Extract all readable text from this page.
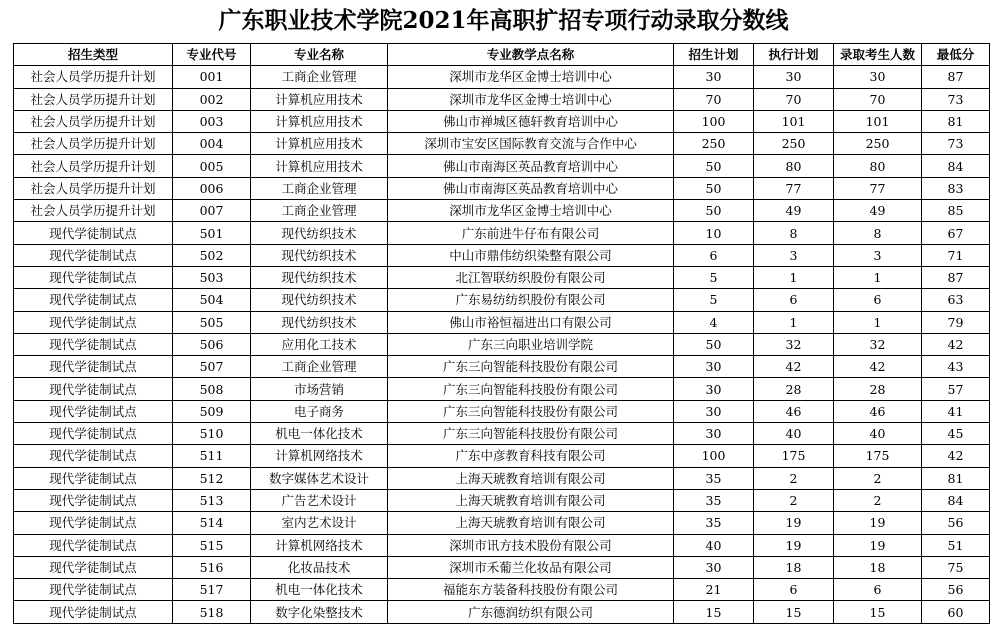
广东职业技术学院2021年高职扩招专项行动录取分数线
招生类型	专业代号	专业名称	专业教学点名称	招生计划	执行计划	录取考生人数	最低分
社会人员学历提升计划	001	工商企业管理	深圳市龙华区金博士培训中心	30	30	30	87
社会人员学历提升计划	002	计算机应用技术	深圳市龙华区金博士培训中心	70	70	70	73
社会人员学历提升计划	003	计算机应用技术	佛山市禅城区德轩教育培训中心	100	101	101	81
社会人员学历提升计划	004	计算机应用技术	深圳市宝安区国际教育交流与合作中心	250	250	250	73
社会人员学历提升计划	005	计算机应用技术	佛山市南海区英品教育培训中心	50	80	80	84
社会人员学历提升计划	006	工商企业管理	佛山市南海区英品教育培训中心	50	77	77	83
社会人员学历提升计划	007	工商企业管理	深圳市龙华区金博士培训中心	50	49	49	85
现代学徒制试点	501	现代纺织技术	广东前进牛仔布有限公司	10	8	8	67
现代学徒制试点	502	现代纺织技术	中山市鼎伟纺织染整有限公司	6	3	3	71
现代学徒制试点	503	现代纺织技术	北江智联纺织股份有限公司	5	1	1	87
现代学徒制试点	504	现代纺织技术	广东易纺纺织股份有限公司	5	6	6	63
现代学徒制试点	505	现代纺织技术	佛山市裕恒福进出口有限公司	4	1	1	79
现代学徒制试点	506	应用化工技术	广东三向职业培训学院	50	32	32	42
现代学徒制试点	507	工商企业管理	广东三向智能科技股份有限公司	30	42	42	43
现代学徒制试点	508	市场营销	广东三向智能科技股份有限公司	30	28	28	57
现代学徒制试点	509	电子商务	广东三向智能科技股份有限公司	30	46	46	41
现代学徒制试点	510	机电一体化技术	广东三向智能科技股份有限公司	30	40	40	45
现代学徒制试点	511	计算机网络技术	广东中彦教育科技有限公司	100	175	175	42
现代学徒制试点	512	数字媒体艺术设计	上海天琥教育培训有限公司	35	2	2	81
现代学徒制试点	513	广告艺术设计	上海天琥教育培训有限公司	35	2	2	84
现代学徒制试点	514	室内艺术设计	上海天琥教育培训有限公司	35	19	19	56
现代学徒制试点	515	计算机网络技术	深圳市讯方技术股份有限公司	40	19	19	51
现代学徒制试点	516	化妆品技术	深圳市禾葡兰化妆品有限公司	30	18	18	75
现代学徒制试点	517	机电一体化技术	福能东方装备科技股份有限公司	21	6	6	56
现代学徒制试点	518	数字化染整技术	广东德润纺织有限公司	15	15	15	60
